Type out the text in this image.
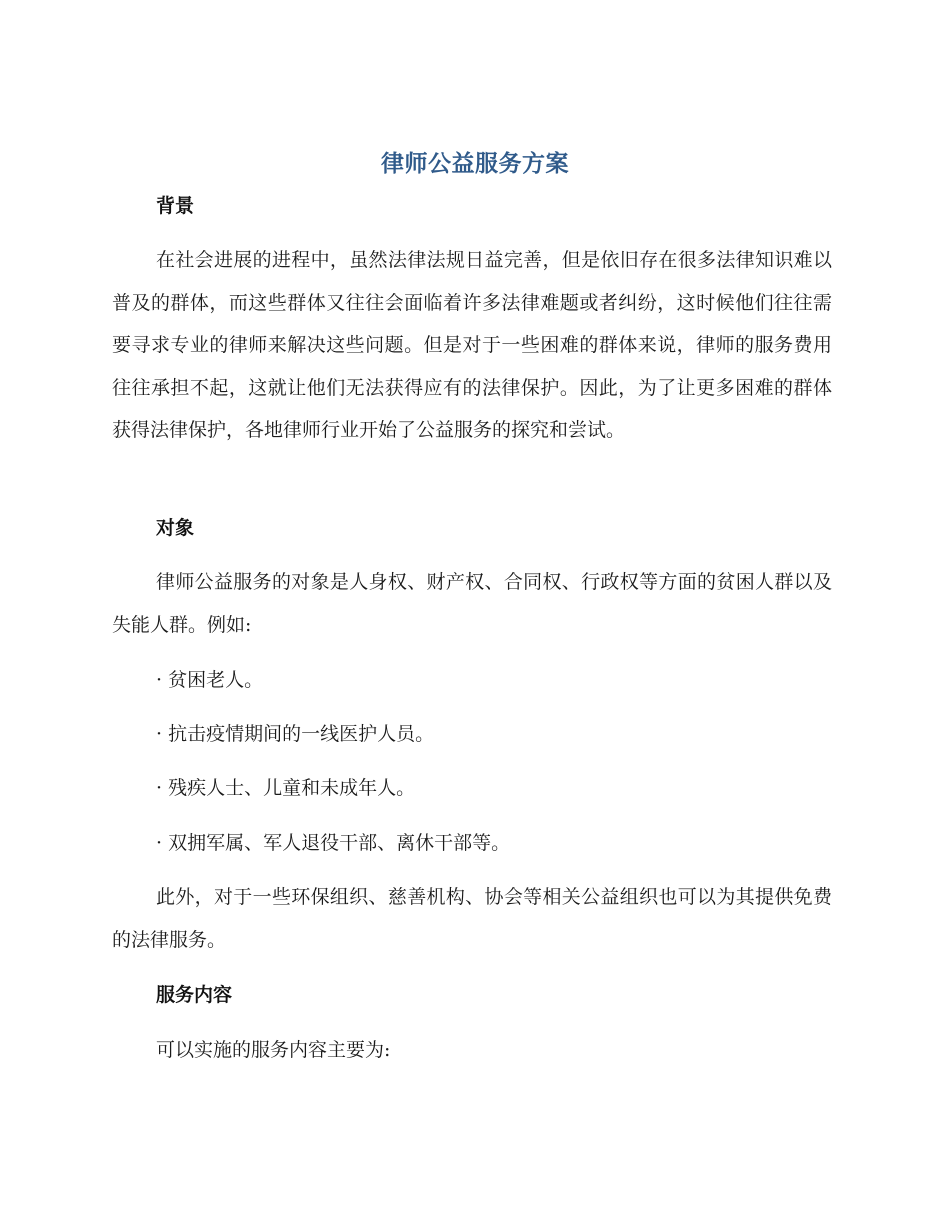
律师公益服务方案
背景

在社会进展的进程中，虽然法律法规日益完善，但是依旧存在很多法律知识难以普及的群体，而这些群体又往往会面临着许多法律难题或者纠纷，这时候他们往往需要寻求专业的律师来解决这些问题。但是对于一些困难的群体来说，律师的服务费用往往承担不起，这就让他们无法获得应有的法律保护。因此，为了让更多困难的群体获得法律保护，各地律师行业开始了公益服务的探究和尝试。

对象

律师公益服务的对象是人身权、财产权、合同权、行政权等方面的贫困人群以及失能人群。例如:

· 贫困老人。
· 抗击疫情期间的一线医护人员。
· 残疾人士、儿童和未成年人。
· 双拥军属、军人退役干部、离休干部等。

此外，对于一些环保组织、慈善机构、协会等相关公益组织也可以为其提供免费的法律服务。

服务内容

可以实施的服务内容主要为:
